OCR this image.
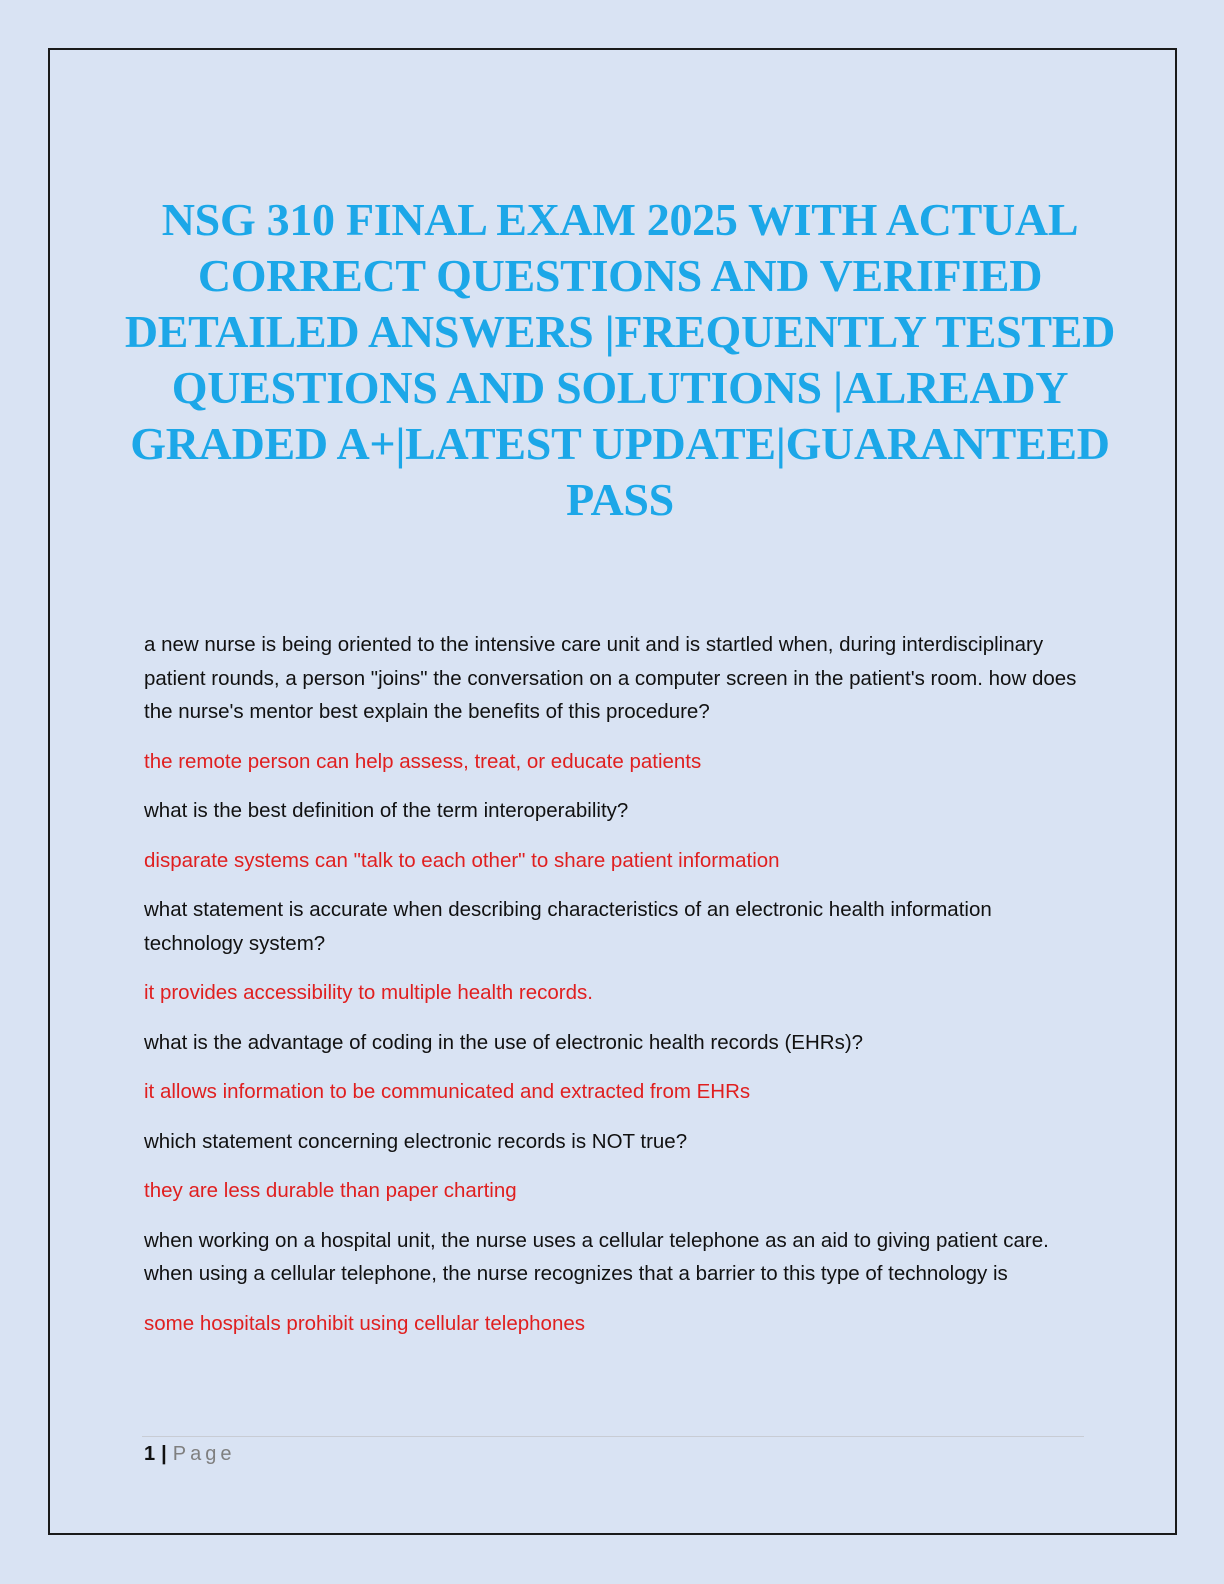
NSG 310 FINAL EXAM 2025 WITH ACTUAL CORRECT QUESTIONS AND VERIFIED DETAILED ANSWERS |FREQUENTLY TESTED QUESTIONS AND SOLUTIONS |ALREADY GRADED A+|LATEST UPDATE|GUARANTEED PASS

a new nurse is being oriented to the intensive care unit and is startled when, during interdisciplinary patient rounds, a person "joins" the conversation on a computer screen in the patient's room. how does the nurse's mentor best explain the benefits of this procedure?

the remote person can help assess, treat, or educate patients

what is the best definition of the term interoperability?

disparate systems can "talk to each other" to share patient information

what statement is accurate when describing characteristics of an electronic health information technology system?

it provides accessibility to multiple health records.

what is the advantage of coding in the use of electronic health records (EHRs)?

it allows information to be communicated and extracted from EHRs

which statement concerning electronic records is NOT true?

they are less durable than paper charting

when working on a hospital unit, the nurse uses a cellular telephone as an aid to giving patient care. when using a cellular telephone, the nurse recognizes that a barrier to this type of technology is

some hospitals prohibit using cellular telephones

1 | Page
